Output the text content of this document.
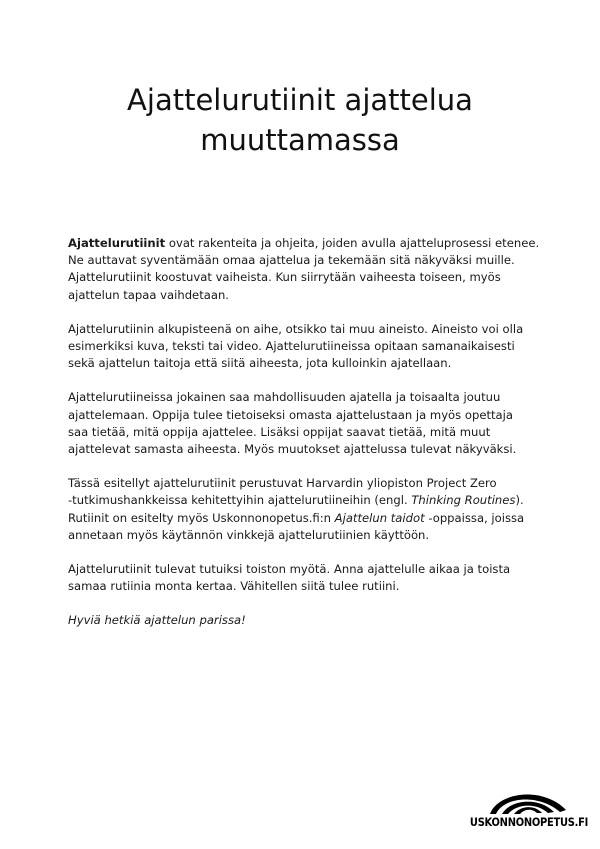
Ajattelurutiinit ajattelua
muuttamassa

Ajattelurutiinit ovat rakenteita ja ohjeita, joiden avulla ajatteluprosessi etenee.
Ne auttavat syventämään omaa ajattelua ja tekemään sitä näkyväksi muille.
Ajattelurutiinit koostuvat vaiheista. Kun siirrytään vaiheesta toiseen, myös
ajattelun tapaa vaihdetaan.

Ajattelurutiinin alkupisteenä on aihe, otsikko tai muu aineisto. Aineisto voi olla
esimerkiksi kuva, teksti tai video. Ajattelurutiineissa opitaan samanaikaisesti
sekä ajattelun taitoja että siitä aiheesta, jota kulloinkin ajatellaan.

Ajattelurutiineissa jokainen saa mahdollisuuden ajatella ja toisaalta joutuu
ajattelemaan. Oppija tulee tietoiseksi omasta ajattelustaan ja myös opettaja
saa tietää, mitä oppija ajattelee. Lisäksi oppijat saavat tietää, mitä muut
ajattelevat samasta aiheesta. Myös muutokset ajattelussa tulevat näkyväksi.

Tässä esitellyt ajattelurutiinit perustuvat Harvardin yliopiston Project Zero
-tutkimushankkeissa kehitettyihin ajattelurutiineihin (engl. Thinking Routines).
Rutiinit on esitelty myös Uskonnonopetus.fi:n Ajattelun taidot -oppaissa, joissa
annetaan myös käytännön vinkkejä ajattelurutiinien käyttöön.

Ajattelurutiinit tulevat tutuiksi toiston myötä. Anna ajattelulle aikaa ja toista
samaa rutiinia monta kertaa. Vähitellen siitä tulee rutiini.

Hyviä hetkiä ajattelun parissa!

USKONNONOPETUS.FI
